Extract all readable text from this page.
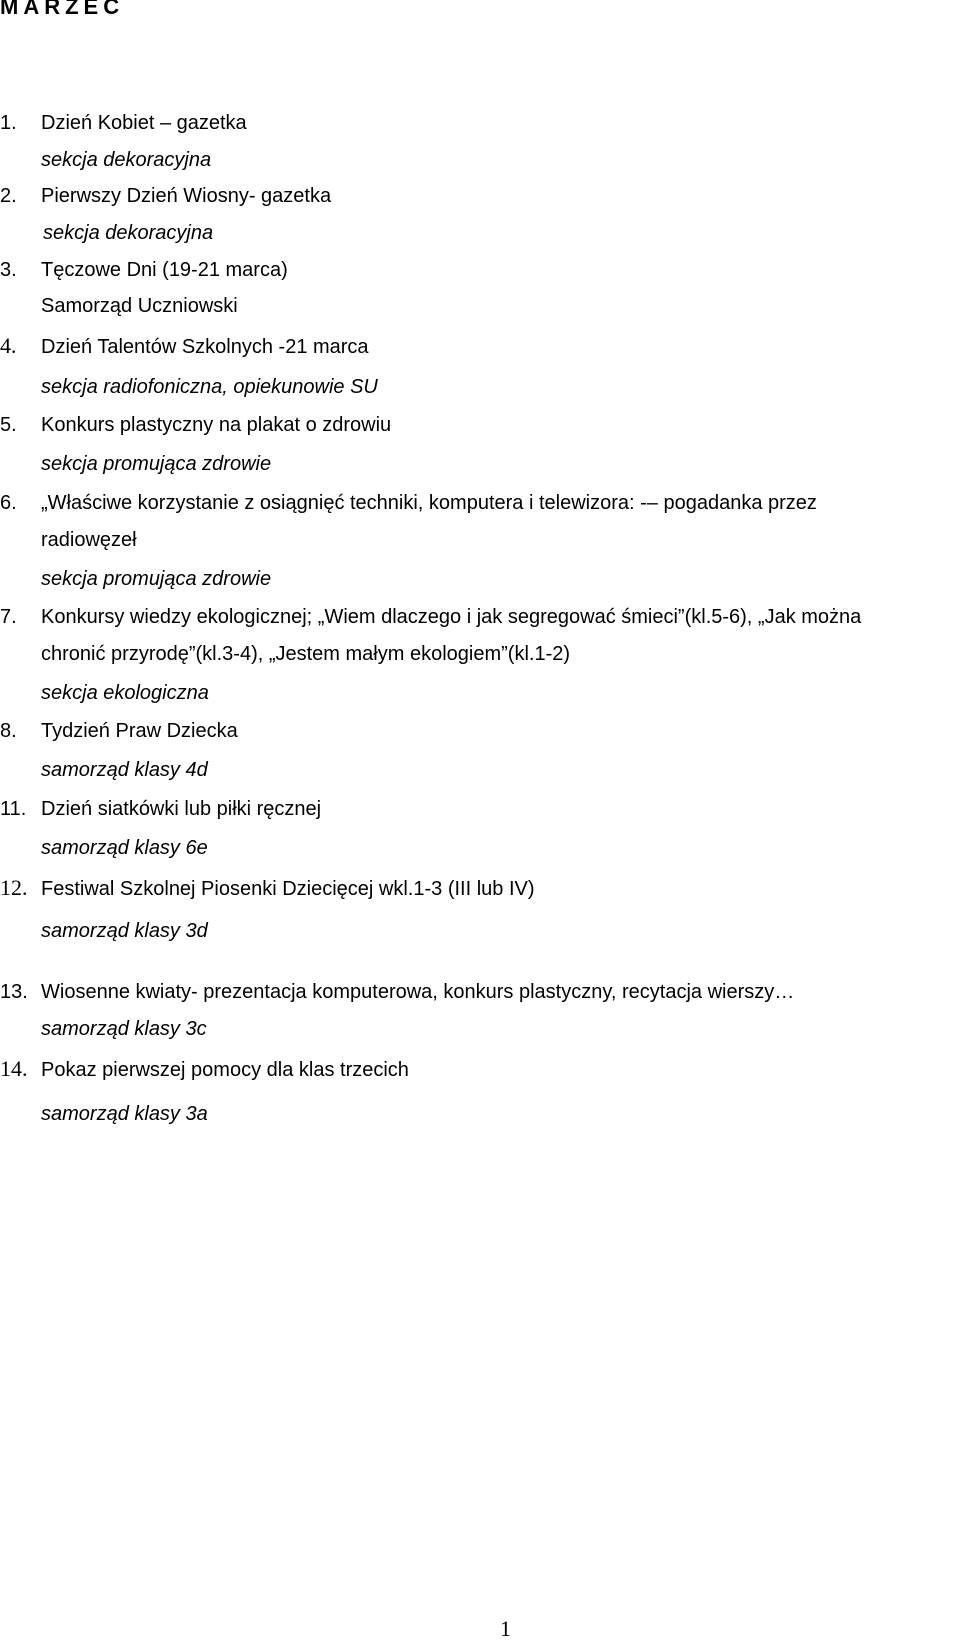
MARZEC
1. Dzień Kobiet – gazetka
sekcja dekoracyjna
2. Pierwszy Dzień Wiosny- gazetka
sekcja dekoracyjna
3. Tęczowe Dni (19-21 marca)
Samorząd Uczniowski
4. Dzień Talentów Szkolnych -21 marca
sekcja radiofoniczna, opiekunowie SU
5. Konkurs plastyczny na plakat o zdrowiu
sekcja promująca zdrowie
6. „Właściwe korzystanie z osiągnięć techniki, komputera i telewizora: -– pogadanka przez
radiowęzeł
sekcja promująca zdrowie
7. Konkursy wiedzy ekologicznej; „Wiem dlaczego i jak segregować śmieci”(kl.5-6), „Jak można
chronić przyrodę”(kl.3-4), „Jestem małym ekologiem”(kl.1-2)
sekcja ekologiczna
8. Tydzień Praw Dziecka
samorząd klasy 4d
11. Dzień siatkówki lub piłki ręcznej
samorząd klasy 6e
12. Festiwal Szkolnej Piosenki Dziecięcej wkl.1-3 (III lub IV)
samorząd klasy 3d
13. Wiosenne kwiaty- prezentacja komputerowa, konkurs plastyczny, recytacja wierszy…
samorząd klasy 3c
14. Pokaz pierwszej pomocy dla klas trzecich
samorząd klasy 3a
1
